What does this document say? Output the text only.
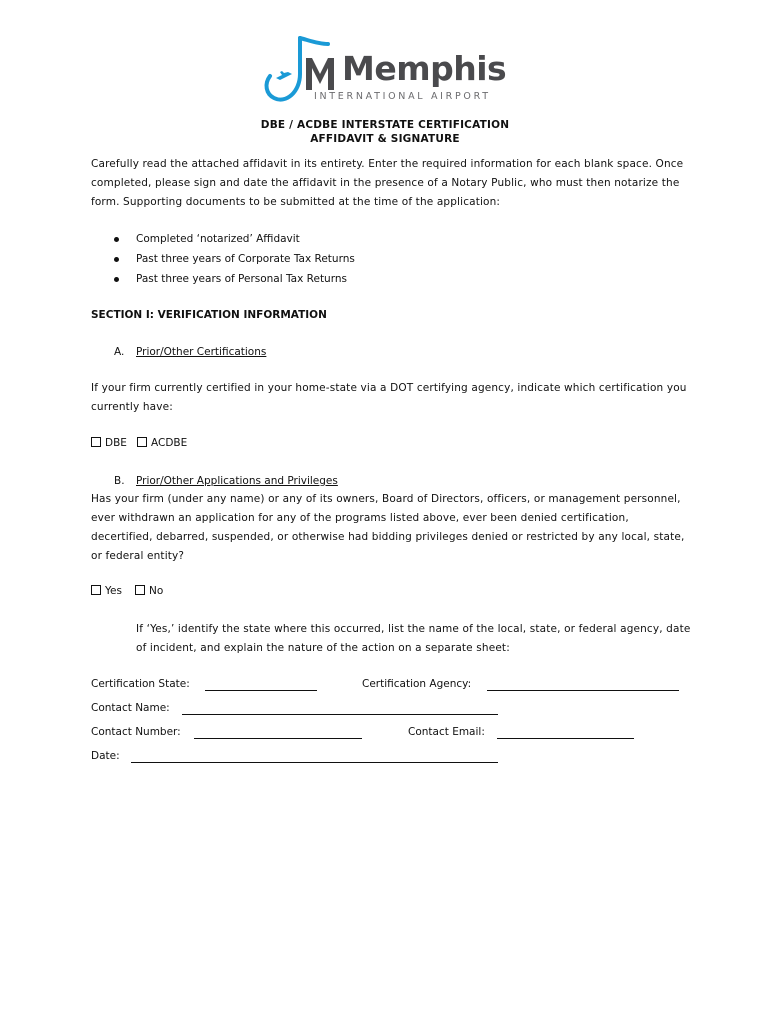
Memphis
INTERNATIONAL AIRPORT
DBE / ACDBE INTERSTATE CERTIFICATION
AFFIDAVIT & SIGNATURE
Carefully read the attached affidavit in its entirety. Enter the required information for each blank space. Once completed, please sign and date the affidavit in the presence of a Notary Public, who must then notarize the form. Supporting documents to be submitted at the time of the application:
Completed ‘notarized’ Affidavit
Past three years of Corporate Tax Returns
Past three years of Personal Tax Returns
SECTION I: VERIFICATION INFORMATION
A. Prior/Other Certifications
If your firm currently certified in your home-state via a DOT certifying agency, indicate which certification you currently have:
DBE	ACDBE
B. Prior/Other Applications and Privileges
Has your firm (under any name) or any of its owners, Board of Directors, officers, or management personnel, ever withdrawn an application for any of the programs listed above, ever been denied certification, decertified, debarred, suspended, or otherwise had bidding privileges denied or restricted by any local, state, or federal entity?
Yes	No
If ‘Yes,’ identify the state where this occurred, list the name of the local, state, or federal agency, date of incident, and explain the nature of the action on a separate sheet:
Certification State:	Certification Agency:
Contact Name:
Contact Number:	Contact Email:
Date:
